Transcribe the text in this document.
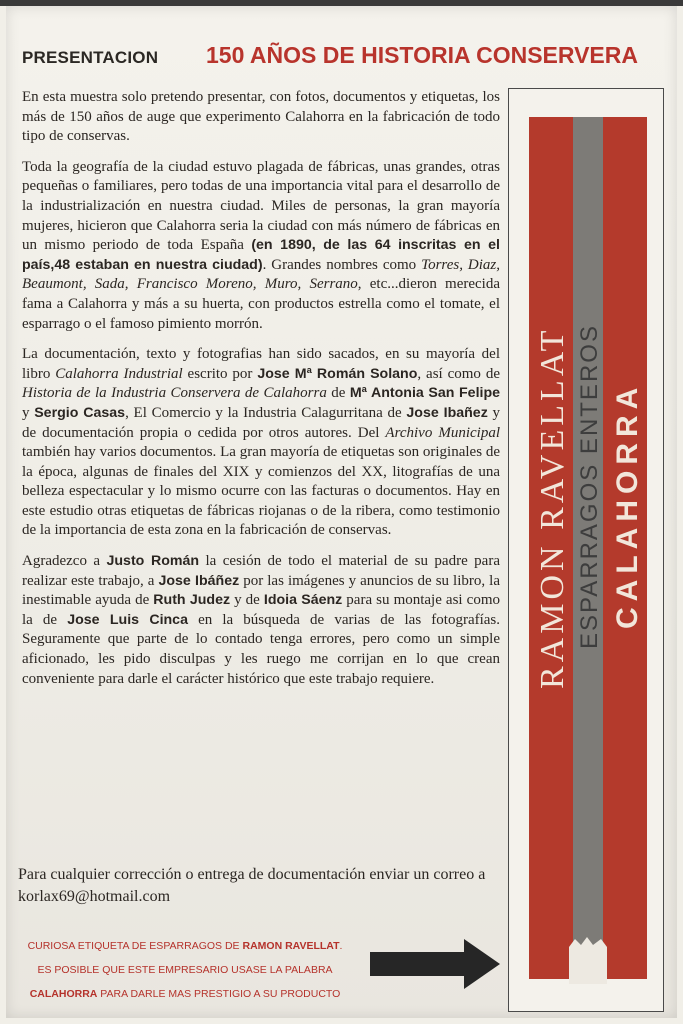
PRESENTACION 150 AÑOS DE HISTORIA CONSERVERA

En esta muestra solo pretendo presentar, con fotos, documentos y etiquetas, los más de 150 años de auge que experimento Calahorra en la fabricación de todo tipo de conservas.

Toda la geografía de la ciudad estuvo plagada de fábricas, unas grandes, otras pequeñas o familiares, pero todas de una importancia vital para el desarrollo de la industrialización en nuestra ciudad. Miles de personas, la gran mayoría mujeres, hicieron que Calahorra seria la ciudad con más número de fábricas en un mismo periodo de toda España (en 1890, de las 64 inscritas en el país,48 estaban en nuestra ciudad). Grandes nombres como Torres, Diaz, Beaumont, Sada, Francisco Moreno, Muro, Serrano, etc...dieron merecida fama a Calahorra y más a su huerta, con productos estrella como el tomate, el esparrago o el famoso pimiento morrón.

La documentación, texto y fotografias han sido sacados, en su mayoría del libro Calahorra Industrial escrito por Jose Mª Román Solano, así como de Historia de la Industria Conservera de Calahorra de Mª Antonia San Felipe y Sergio Casas, El Comercio y la Industria Calagurritana de Jose Ibañez y de documentación propia o cedida por otros autores. Del Archivo Municipal también hay varios documentos. La gran mayoría de etiquetas son originales de la época, algunas de finales del XIX y comienzos del XX, litografías de una belleza espectacular y lo mismo ocurre con las facturas o documentos. Hay en este estudio otras etiquetas de fábricas riojanas o de la ribera, como testimonio de la importancia de esta zona en la fabricación de conservas.

Agradezco a Justo Román la cesión de todo el material de su padre para realizar este trabajo, a Jose Ibáñez por las imágenes y anuncios de su libro, la inestimable ayuda de Ruth Judez y de Idoia Sáenz para su montaje asi como la de Jose Luis Cinca en la búsqueda de varias de las fotografías. Seguramente que parte de lo contado tenga errores, pero como un simple aficionado, les pido disculpas y les ruego me corrijan en lo que crean conveniente para darle el carácter histórico que este trabajo requiere.

Para cualquier corrección o entrega de documentación enviar un correo a korlax69@hotmail.com
CURIOSA ETIQUETA DE ESPARRAGOS DE RAMON RAVELLAT.
ES POSIBLE QUE ESTE EMPRESARIO USASE LA PALABRA
CALAHORRA PARA DARLE MAS PRESTIGIO A SU PRODUCTO
RAMON RAVELLAT ESPARRAGOS ENTEROS CALAHORRA
